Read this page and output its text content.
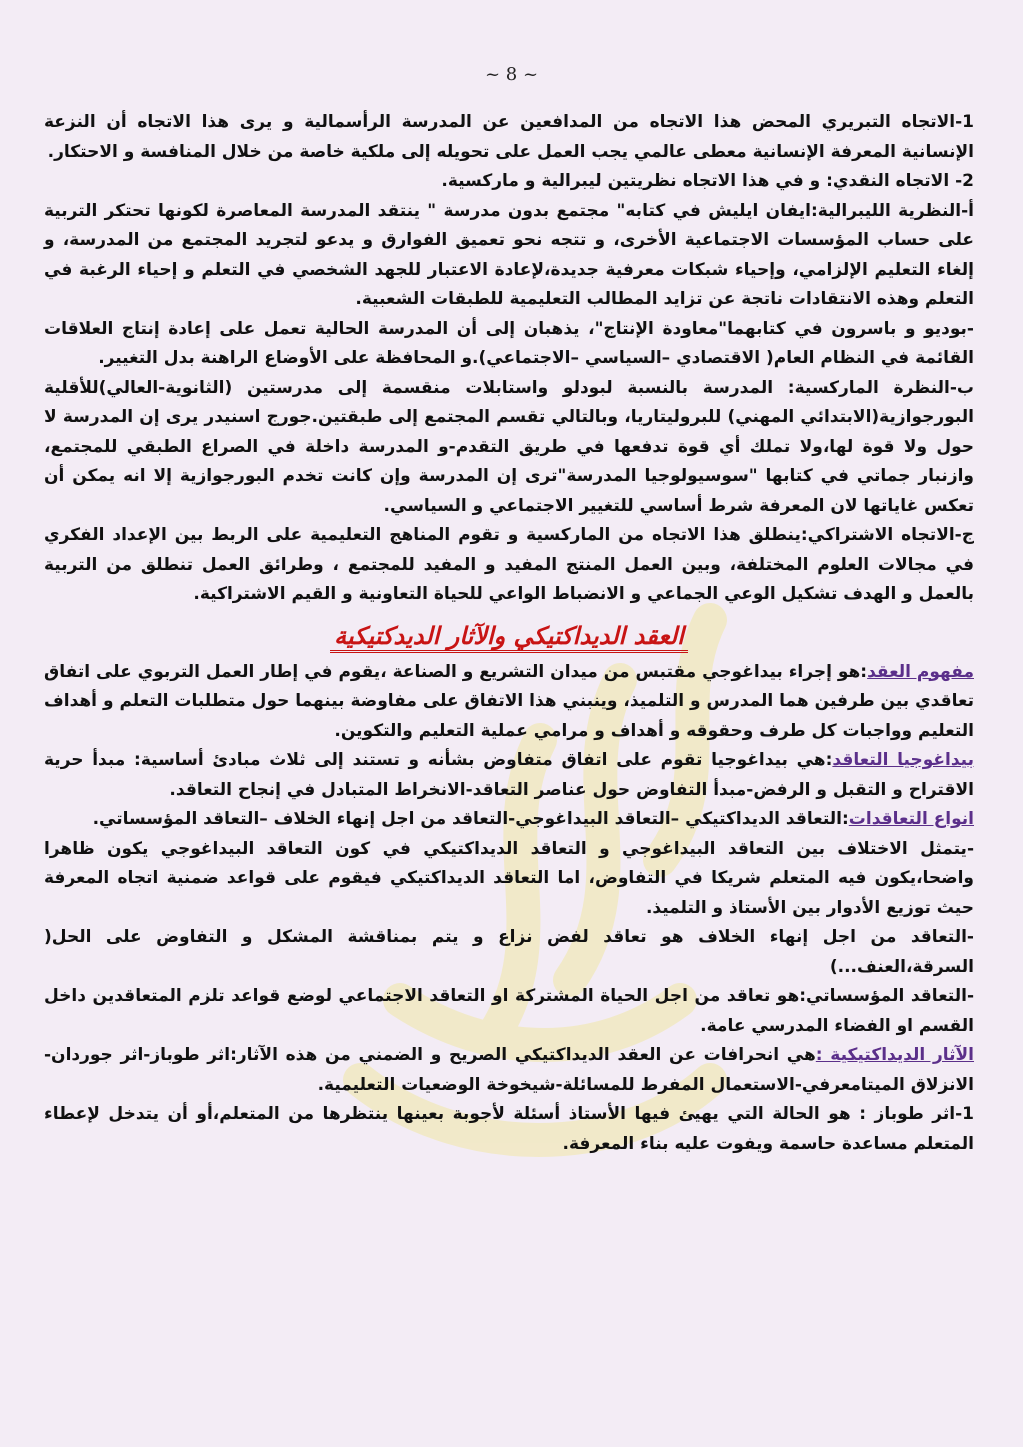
~ 8 ~

1-الاتجاه التبريري المحض هذا الاتجاه من المدافعين عن المدرسة الرأسمالية و يرى هذا الاتجاه أن النزعة الإنسانية المعرفة الإنسانية معطى عالمي يجب العمل على تحويله إلى ملكية خاصة من خلال المنافسة و الاحتكار.

2- الاتجاه النقدي: و في هذا الاتجاه نظريتين ليبرالية و ماركسية.

أ-النظرية الليبرالية:ايفان ايليش في كتابه" مجتمع بدون مدرسة " ينتقد المدرسة المعاصرة لكونها تحتكر التربية على حساب المؤسسات الاجتماعية الأخرى، و تتجه نحو تعميق الفوارق و يدعو لتجريد المجتمع من المدرسة، و إلغاء التعليم الإلزامي، وإحياء شبكات معرفية جديدة،لإعادة الاعتبار للجهد الشخصي في التعلم و إحياء الرغبة في التعلم وهذه الانتقادات ناتجة عن تزايد المطالب التعليمية للطبقات الشعبية.

-بوديو و باسرون في كتابهما"معاودة الإنتاج"، يذهبان إلى أن المدرسة الحالية تعمل على إعادة إنتاج العلاقات القائمة في النظام العام( الاقتصادي –السياسي –الاجتماعي).و المحافظة على الأوضاع الراهنة بدل التغيير.

ب-النظرة الماركسية: المدرسة بالنسبة لبودلو واستابلات منقسمة إلى مدرستين (الثانوية-العالي)للأقلية البورجوازية(الابتدائي المهني) للبروليتاريا، وبالتالي تقسم المجتمع إلى طبقتين.جورج اسنيدر يرى إن المدرسة لا حول ولا قوة لها،ولا تملك أي قوة تدفعها في طريق التقدم-و المدرسة داخلة في الصراع الطبقي للمجتمع، وازنبار جماتي في كتابها "سوسيولوجيا المدرسة"ترى إن المدرسة وإن كانت تخدم البورجوازية إلا انه يمكن أن تعكس غاياتها لان المعرفة شرط أساسي للتغيير الاجتماعي و السياسي.

ج-الاتجاه الاشتراكي:ينطلق هذا الاتجاه من الماركسية و تقوم المناهج التعليمية على الربط بين الإعداد الفكري في مجالات العلوم المختلفة، وبين العمل المنتج المفيد و المفيد للمجتمع ، وطرائق العمل تنطلق من التربية بالعمل و الهدف تشكيل الوعي الجماعي و الانضباط الواعي للحياة التعاونية و القيم الاشتراكية.

العقد الديداكتيكي والآثار الديدكتيكية

مفهوم العقد:هو إجراء بيداغوجي مقتبس من ميدان التشريع و الصناعة ،يقوم في إطار العمل التربوي على اتفاق تعاقدي بين طرفين هما المدرس و التلميذ، وينبني هذا الاتفاق على مفاوضة بينهما حول متطلبات التعلم و أهداف التعليم وواجبات كل طرف وحقوقه و أهداف و مرامي عملية التعليم والتكوين.

بيداغوجيا التعاقد:هي بيداغوجيا تقوم على اتفاق متفاوض بشأنه و تستند إلى ثلاث مبادئ أساسية: مبدأ حرية الاقتراح و التقبل و الرفض-مبدأ التفاوض حول عناصر التعاقد-الانخراط المتبادل في إنجاح التعاقد.

انواع التعاقدات:التعاقد الديداكتيكي –التعاقد البيداغوجي-التعاقد من اجل إنهاء الخلاف –التعاقد المؤسساتي.

-يتمثل الاختلاف بين التعاقد البيداغوجي و التعاقد الديداكتيكي في كون التعاقد البيداغوجي يكون ظاهرا واضحا،يكون فيه المتعلم شريكا في التفاوض، اما التعاقد الديداكتيكي فيقوم على قواعد ضمنية اتجاه المعرفة حيث توزيع الأدوار بين الأستاذ و التلميذ.

-التعاقد من اجل إنهاء الخلاف هو تعاقد لفض نزاع و يتم بمناقشة المشكل و التفاوض على الحل( السرقة،العنف...)

-التعاقد المؤسساتي:هو تعاقد من اجل الحياة المشتركة او التعاقد الاجتماعي لوضع قواعد تلزم المتعاقدين داخل القسم او الفضاء المدرسي عامة.

الآثار الديداكتيكية :هي انحرافات عن العقد الديداكتيكي الصريح و الضمني من هذه الآثار:اثر طوباز-اثر جوردان-الانزلاق الميتامعرفي-الاستعمال المفرط للمسائلة-شيخوخة الوضعيات التعليمية.

1-اثر طوباز : هو الحالة التي يهيئ فيها الأستاذ أسئلة لأجوبة بعينها ينتظرها من المتعلم،أو أن يتدخل لإعطاء المتعلم مساعدة حاسمة ويفوت عليه بناء المعرفة.
